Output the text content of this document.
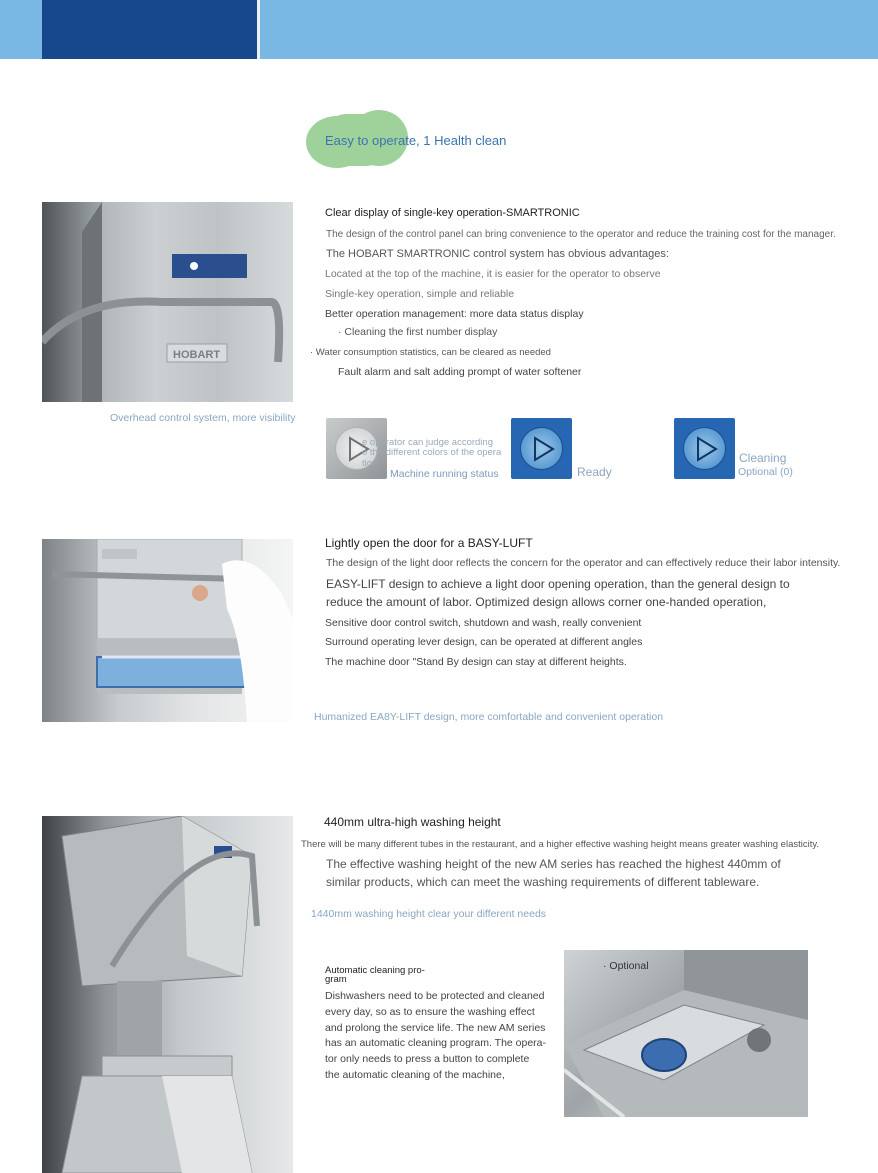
Easy to operate, 1 Health clean
HOBART
Clear display of single-key operation-SMARTRONIC
The design of the control panel can bring convenience to the operator and reduce the training cost for the manager.
The HOBART SMARTRONIC control system has obvious advantages:
Located at the top of the machine, it is easier for the operator to observe
Single-key operation, simple and reliable
Better operation management: more data status display
· Cleaning the first number display
· Water consumption statistics, can be cleared as needed
Fault alarm and salt adding prompt of water softener
Overhead control system, more visibility
e operator can judge according
o the different colors of the opera
tion
Machine running status	Ready
Cleaning
Optional (0)
Lightly open the door for a BASY-LUFT
The design of the light door reflects the concern for the operator and can effectively reduce their labor intensity.
EASY-LIFT design to achieve a light door opening operation, than the general design to
reduce the amount of labor. Optimized design allows corner one-handed operation,
Sensitive door control switch, shutdown and wash, really convenient
Surround operating lever design, can be operated at different angles
The machine door "Stand By design can stay at different heights.
Humanized EA8Y-LIFT design, more comfortable and convenient operation
440mm ultra-high washing height
There will be many different tubes in the restaurant, and a higher effective washing height means greater washing elasticity.
The effective washing height of the new AM series has reached the highest 440mm of
similar products, which can meet the washing requirements of different tableware.
1440mm washing height clear your different needs
Automatic cleaning pro-
gram
Dishwashers need to be protected and cleaned
every day, so as to ensure the washing effect
and prolong the service life. The new AM series
has an automatic cleaning program. The opera-
tor only needs to press a button to complete
the automatic cleaning of the machine,
· Optional
